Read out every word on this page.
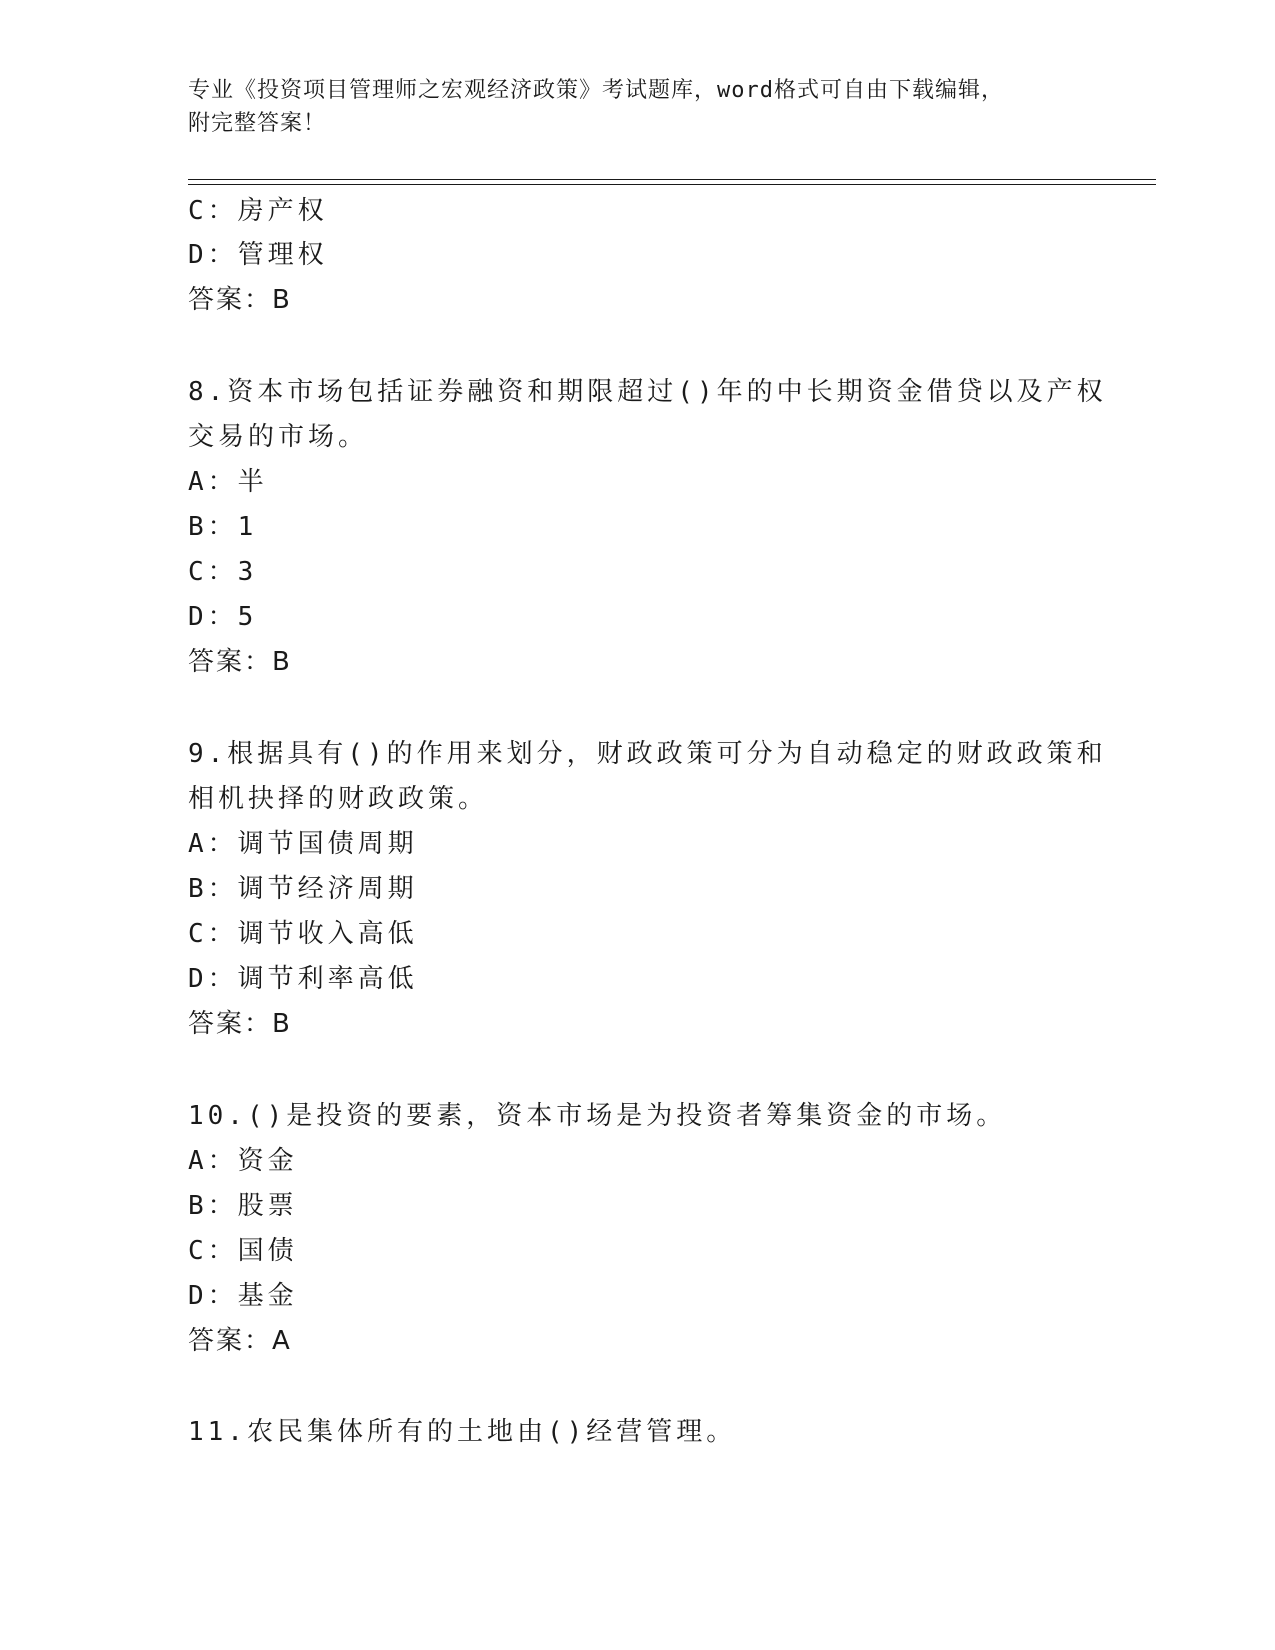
专业《投资项目管理师之宏观经济政策》考试题库，word格式可自由下载编辑，
附完整答案！
C：房产权
D：管理权
答案：B
8.资本市场包括证券融资和期限超过()年的中长期资金借贷以及产权
交易的市场。
A：半
B：1
C：3
D：5
答案：B
9.根据具有()的作用来划分，财政政策可分为自动稳定的财政政策和
相机抉择的财政政策。
A：调节国债周期
B：调节经济周期
C：调节收入高低
D：调节利率高低
答案：B
10.()是投资的要素，资本市场是为投资者筹集资金的市场。
A：资金
B：股票
C：国债
D：基金
答案：A
11.农民集体所有的土地由()经营管理。
